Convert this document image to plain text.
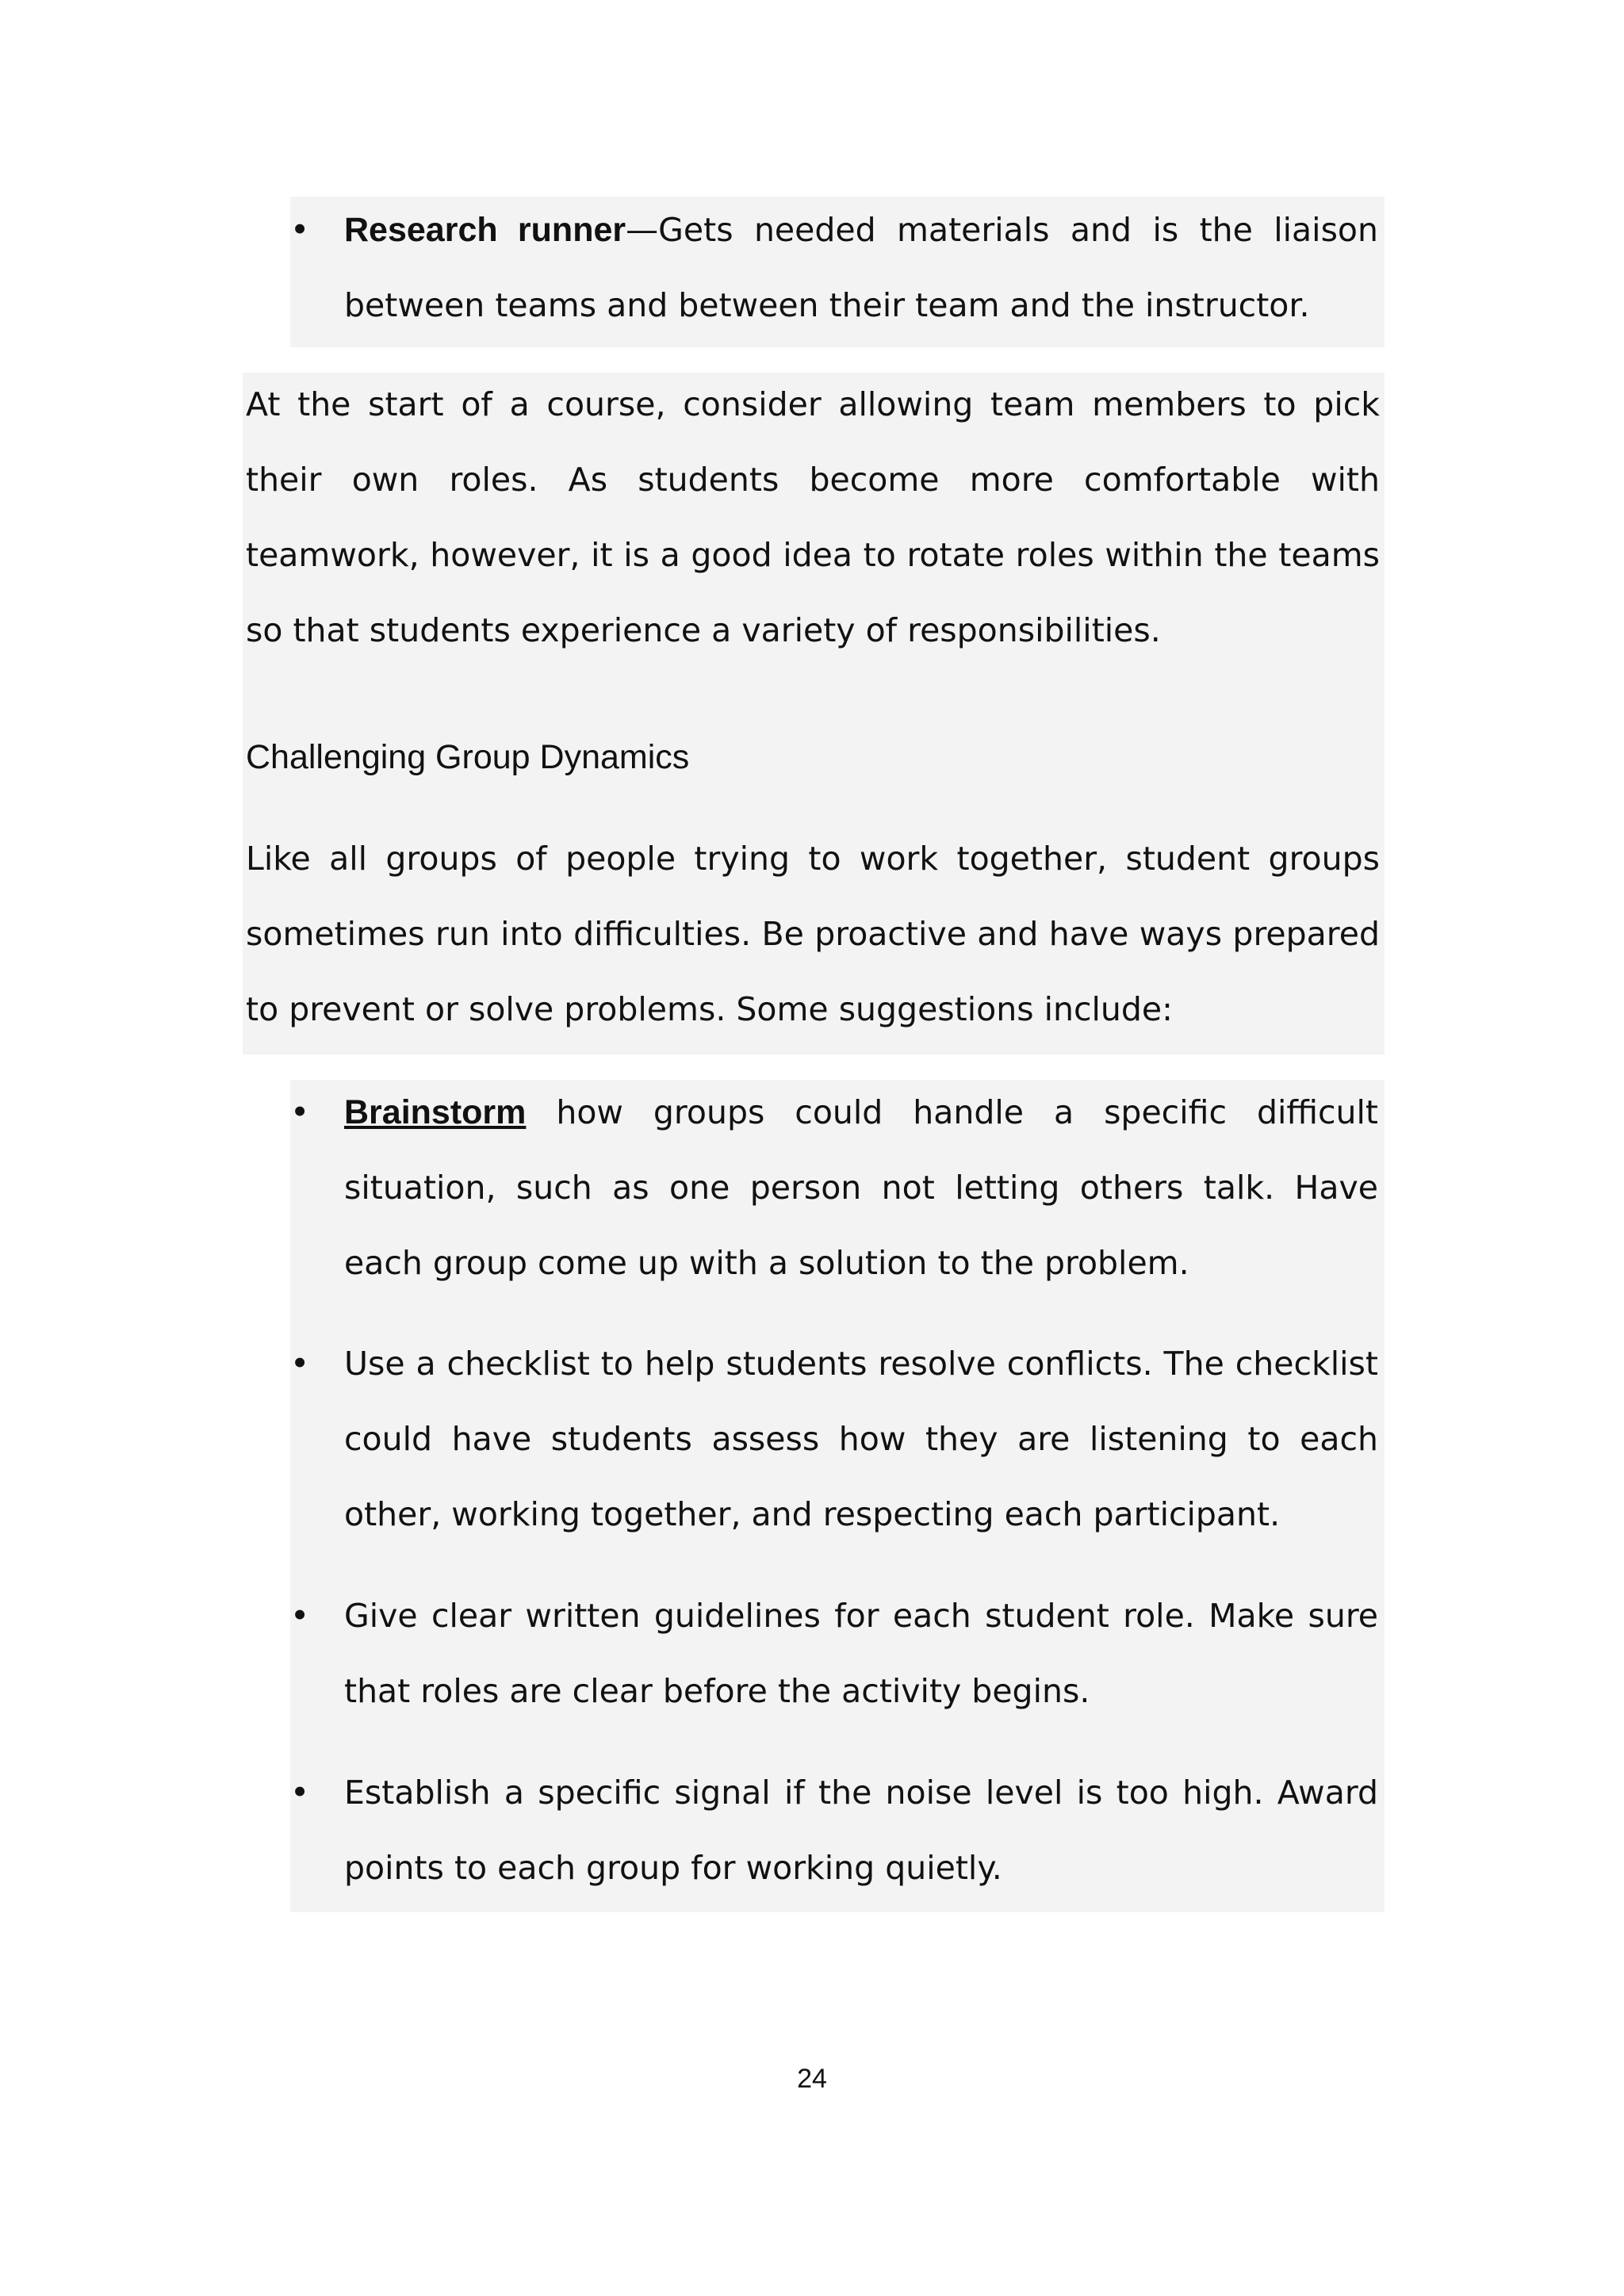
•	Research runner—Gets needed materials and is the liaison between teams and between their team and the instructor.

At the start of a course, consider allowing team members to pick their own roles. As students become more comfortable with teamwork, however, it is a good idea to rotate roles within the teams so that students experience a variety of responsibilities.

Challenging Group Dynamics

Like all groups of people trying to work together, student groups sometimes run into difficulties. Be proactive and have ways prepared to prevent or solve problems. Some suggestions include:

•	Brainstorm how groups could handle a specific difficult situation, such as one person not letting others talk. Have each group come up with a solution to the problem.

•	Use a checklist to help students resolve conflicts. The checklist could have students assess how they are listening to each other, working together, and respecting each participant.

•	Give clear written guidelines for each student role. Make sure that roles are clear before the activity begins.

•	Establish a specific signal if the noise level is too high. Award points to each group for working quietly.

24
